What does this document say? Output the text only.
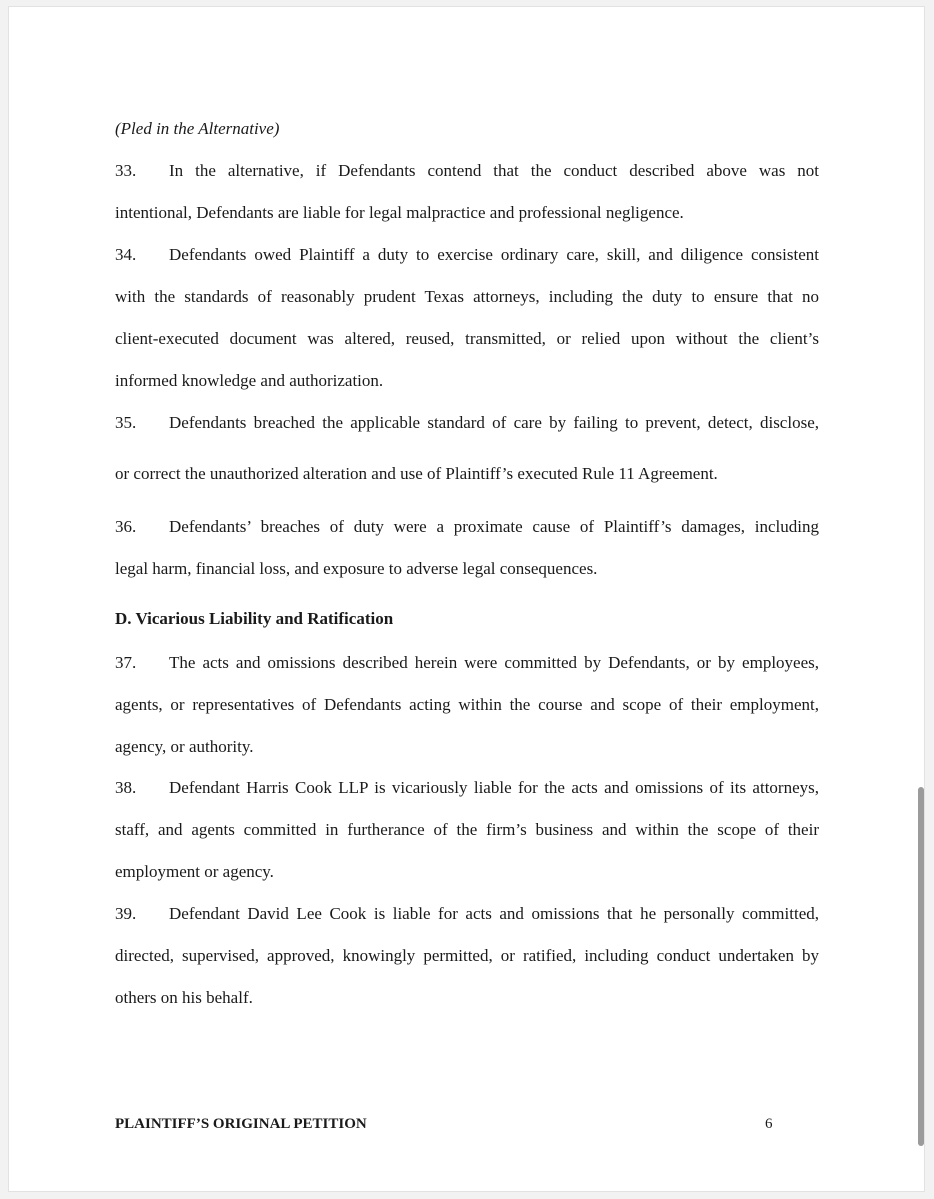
(Pled in the Alternative)
33. In the alternative, if Defendants contend that the conduct described above was not
intentional, Defendants are liable for legal malpractice and professional negligence.
34. Defendants owed Plaintiff a duty to exercise ordinary care, skill, and diligence consistent
with the standards of reasonably prudent Texas attorneys, including the duty to ensure that no
client-executed document was altered, reused, transmitted, or relied upon without the client’s
informed knowledge and authorization.
35. Defendants breached the applicable standard of care by failing to prevent, detect, disclose,
or correct the unauthorized alteration and use of Plaintiff’s executed Rule 11 Agreement.
36. Defendants’ breaches of duty were a proximate cause of Plaintiff’s damages, including
legal harm, financial loss, and exposure to adverse legal consequences.
D. Vicarious Liability and Ratification
37. The acts and omissions described herein were committed by Defendants, or by employees,
agents, or representatives of Defendants acting within the course and scope of their employment,
agency, or authority.
38. Defendant Harris Cook LLP is vicariously liable for the acts and omissions of its attorneys,
staff, and agents committed in furtherance of the firm’s business and within the scope of their
employment or agency.
39. Defendant David Lee Cook is liable for acts and omissions that he personally committed,
directed, supervised, approved, knowingly permitted, or ratified, including conduct undertaken by
others on his behalf.
PLAINTIFF’S ORIGINAL PETITION	6
